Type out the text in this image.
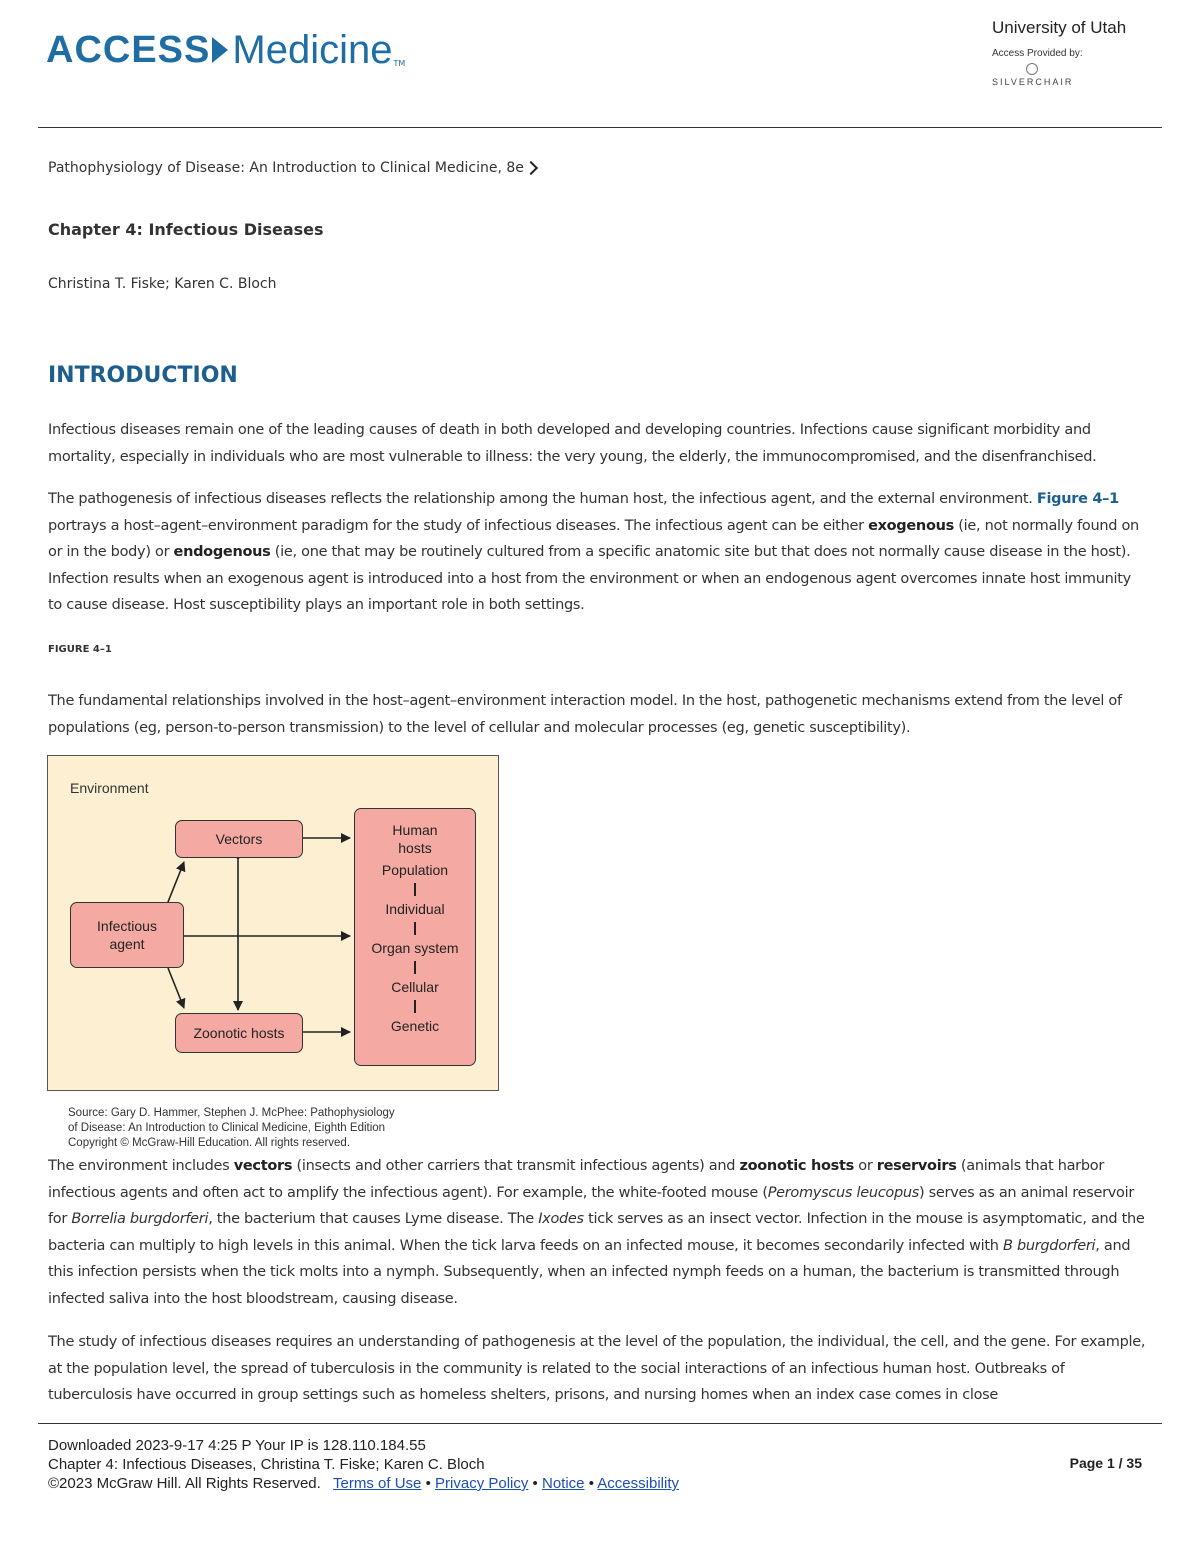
ACCESS Medicine TM
University of Utah
Access Provided by:
SILVERCHAIR
Pathophysiology of Disease: An Introduction to Clinical Medicine, 8e
Chapter 4: Infectious Diseases
Christina T. Fiske; Karen C. Bloch
INTRODUCTION
Infectious diseases remain one of the leading causes of death in both developed and developing countries. Infections cause significant morbidity and mortality, especially in individuals who are most vulnerable to illness: the very young, the elderly, the immunocompromised, and the disenfranchised.
The pathogenesis of infectious diseases reflects the relationship among the human host, the infectious agent, and the external environment. Figure 4–1 portrays a host–agent–environment paradigm for the study of infectious diseases. The infectious agent can be either exogenous (ie, not normally found on or in the body) or endogenous (ie, one that may be routinely cultured from a specific anatomic site but that does not normally cause disease in the host). Infection results when an exogenous agent is introduced into a host from the environment or when an endogenous agent overcomes innate host immunity to cause disease. Host susceptibility plays an important role in both settings.
FIGURE 4–1
The fundamental relationships involved in the host–agent–environment interaction model. In the host, pathogenetic mechanisms extend from the level of populations (eg, person-to-person transmission) to the level of cellular and molecular processes (eg, genetic susceptibility).
Environment
Vectors
Infectious
agent
Zoonotic hosts
Human
hosts
Population
Individual
Organ system
Cellular
Genetic
Source: Gary D. Hammer, Stephen J. McPhee: Pathophysiology
of Disease: An Introduction to Clinical Medicine, Eighth Edition
Copyright © McGraw-Hill Education. All rights reserved.
The environment includes vectors (insects and other carriers that transmit infectious agents) and zoonotic hosts or reservoirs (animals that harbor infectious agents and often act to amplify the infectious agent). For example, the white-footed mouse (Peromyscus leucopus) serves as an animal reservoir for Borrelia burgdorferi, the bacterium that causes Lyme disease. The Ixodes tick serves as an insect vector. Infection in the mouse is asymptomatic, and the bacteria can multiply to high levels in this animal. When the tick larva feeds on an infected mouse, it becomes secondarily infected with B burgdorferi, and this infection persists when the tick molts into a nymph. Subsequently, when an infected nymph feeds on a human, the bacterium is transmitted through infected saliva into the host bloodstream, causing disease.
The study of infectious diseases requires an understanding of pathogenesis at the level of the population, the individual, the cell, and the gene. For example, at the population level, the spread of tuberculosis in the community is related to the social interactions of an infectious human host. Outbreaks of tuberculosis have occurred in group settings such as homeless shelters, prisons, and nursing homes when an index case comes in close
Downloaded 2023-9-17 4:25 P Your IP is 128.110.184.55
Chapter 4: Infectious Diseases, Christina T. Fiske; Karen C. Bloch
©2023 McGraw Hill. All Rights Reserved. Terms of Use • Privacy Policy • Notice • Accessibility
Page 1 / 35
